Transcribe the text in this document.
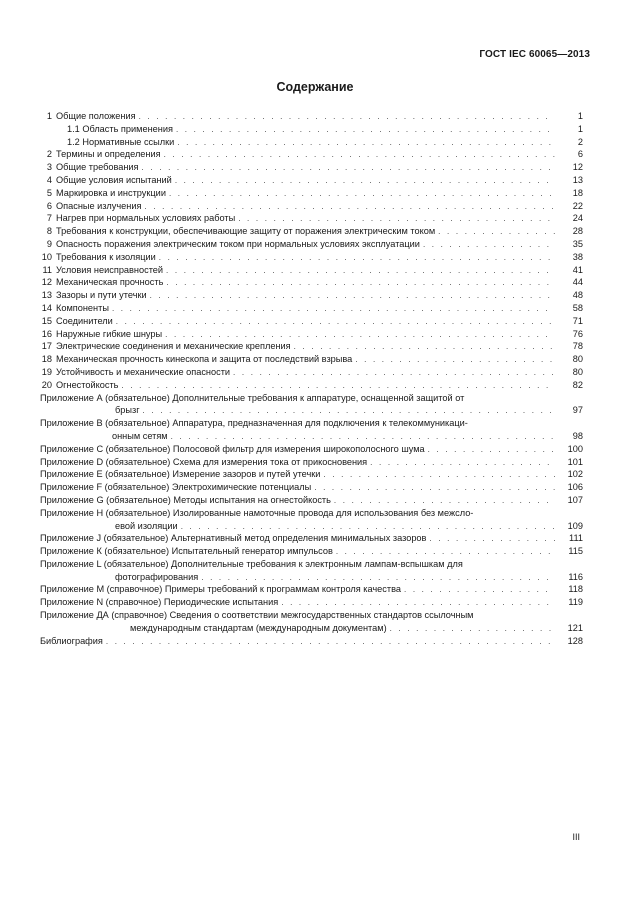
ГОСТ IEC 60065—2013
Содержание
1 Общие положения . . .	1
1.1 Область применения . . .	1
1.2 Нормативные ссылки . . .	2
2 Термины и определения . . .	6
3 Общие требования . . .	12
4 Общие условия испытаний . . .	13
5 Маркировка и инструкции . . .	18
6 Опасные излучения . . .	22
7 Нагрев при нормальных условиях работы . . .	24
8 Требования к конструкции, обеспечивающие защиту от поражения электрическим током . . .	28
9 Опасность поражения электрическим током при нормальных условиях эксплуатации . . .	35
10 Требования к изоляции . . .	38
11 Условия неисправностей . . .	41
12 Механическая прочность . . .	44
13 Зазоры и пути утечки . . .	48
14 Компоненты . . .	58
15 Соединители . . .	71
16 Наружные гибкие шнуры . . .	76
17 Электрические соединения и механические крепления . . .	78
18 Механическая прочность кинескопа и защита от последствий взрыва . . .	80
19 Устойчивость и механические опасности . . .	80
20 Огнестойкость . . .	82
Приложение А (обязательное) Дополнительные требования к аппаратуре, оснащенной защитой от
брызг . . .	97
Приложение В (обязательное) Аппаратура, предназначенная для подключения к телекоммуникаци-
онным сетям . . .	98
Приложение С (обязательное) Полосовой фильтр для измерения широкополосного шума . . .	100
Приложение D (обязательное) Схема для измерения тока от прикосновения . . .	101
Приложение Е (обязательное) Измерение зазоров и путей утечки . . .	102
Приложение F (обязательное) Электрохимические потенциалы . . .	106
Приложение G (обязательное) Методы испытания на огнестойкость . . .	107
Приложение Н (обязательное) Изолированные намоточные провода для использования без межсло-
евой изоляции . . .	109
Приложение J (обязательное) Альтернативный метод определения минимальных зазоров . . .	111
Приложение К (обязательное) Испытательный генератор импульсов . . .	115
Приложение L (обязательное) Дополнительные требования к электронным лампам-вспышкам для
фотографирования . . .	116
Приложение М (справочное) Примеры требований к программам контроля качества . . .	118
Приложение N (справочное) Периодические испытания . . .	119
Приложение ДА (справочное) Сведения о соответствии межгосударственных стандартов ссылочным
международным стандартам (международным документам) . . .	121
Библиография . . .	128
III
